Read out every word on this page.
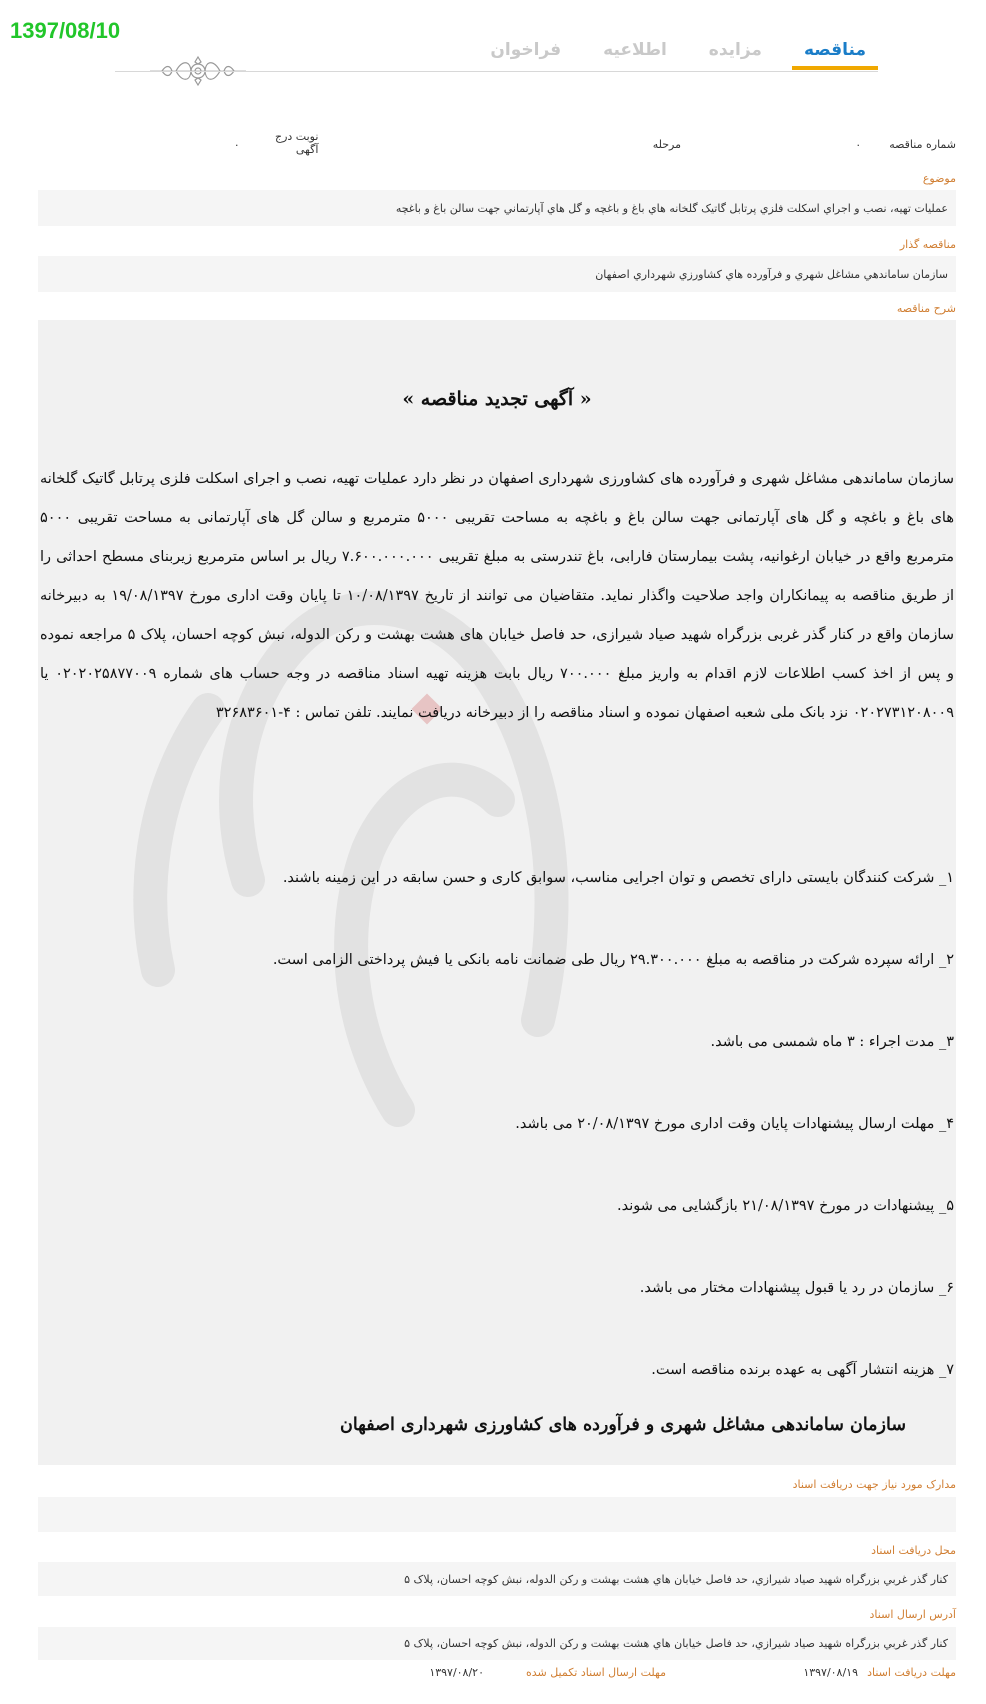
1397/08/10
مناقصه
مزایده
اطلاعیه
فراخوان
شماره مناقصه
.
مرحله
نوبت درج
آگهی
.
موضوع
عمليات تهيه، نصب و اجراي اسکلت فلزي پرتابل گاتيک گلخانه هاي باغ و باغچه و گل هاي آپارتماني جهت سالن باغ و باغچه
مناقصه گذار
سازمان ساماندهي مشاغل شهري و فرآورده هاي کشاورزي شهرداري اصفهان
شرح مناقصه
« آگهی تجدید مناقصه »
سازمان ساماندهی مشاغل شهری و فرآورده های کشاورزی شهرداری اصفهان در نظر دارد عملیات تهیه، نصب و اجرای اسکلت فلزی پرتابل گاتیک گلخانه های باغ و باغچه و گل های آپارتمانی جهت سالن باغ و باغچه به مساحت تقریبی ۵۰۰۰ مترمربع و سالن گل های آپارتمانی به مساحت تقریبی ۵۰۰۰ مترمربع واقع در خیابان ارغوانیه، پشت بیمارستان فارابی، باغ تندرستی به مبلغ تقریبی ۷.۶۰۰.۰۰۰.۰۰۰ ریال بر اساس مترمربع زیربنای مسطح احداثی را از طریق مناقصه به پیمانکاران واجد صلاحیت واگذار نماید. متقاضیان می توانند از تاریخ ۱۰/۰۸/۱۳۹۷ تا پایان وقت اداری مورخ ۱۹/۰۸/۱۳۹۷ به دبیرخانه سازمان واقع در کنار گذر غربی بزرگراه شهید صیاد شیرازی، حد فاصل خیابان های هشت بهشت و رکن الدوله، نبش کوچه احسان، پلاک ۵ مراجعه نموده و پس از اخذ کسب اطلاعات لازم اقدام به واریز مبلغ ۷۰۰.۰۰۰ ریال بابت هزینه تهیه اسناد مناقصه در وجه حساب های شماره ۰۲۰۲۰۲۵۸۷۷۰۰۹ یا ۰۲۰۲۷۳۱۲۰۸۰۰۹ نزد بانک ملی شعبه اصفهان نموده و اسناد مناقصه را از دبیرخانه دریافت نمایند. تلفن تماس : ۴-۳۲۶۸۳۶۰۱
۱_ شرکت کنندگان بایستی دارای تخصص و توان اجرایی مناسب، سوابق کاری و حسن سابقه در این زمینه باشند.
۲_ ارائه سپرده شرکت در مناقصه به مبلغ ۲۹.۳۰۰.۰۰۰ ریال طی ضمانت نامه بانکی یا فیش پرداختی الزامی است.
۳_ مدت اجراء : ۳ ماه شمسی می باشد.
۴_ مهلت ارسال پیشنهادات پایان وقت اداری مورخ ۲۰/۰۸/۱۳۹۷ می باشد.
۵_ پیشنهادات در مورخ ۲۱/۰۸/۱۳۹۷ بازگشایی می شوند.
۶_ سازمان در رد یا قبول پیشنهادات مختار می باشد.
۷_ هزینه انتشار آگهی به عهده برنده مناقصه است.
سازمان ساماندهی مشاغل شهری و فرآورده های کشاورزی شهرداری اصفهان
مدارک مورد نياز جهت دريافت اسناد
محل دريافت اسناد
کنار گذر غربي بزرگراه شهيد صياد شيرازي، حد فاصل خيابان هاي هشت بهشت و رکن الدوله، نبش کوچه احسان، پلاک ۵
آدرس ارسال اسناد
کنار گذر غربي بزرگراه شهيد صياد شيرازي، حد فاصل خيابان هاي هشت بهشت و رکن الدوله، نبش کوچه احسان، پلاک ۵
مهلت دريافت اسناد
۱۳۹۷/۰۸/۱۹
مهلت ارسال اسناد تکميل شده
۱۳۹۷/۰۸/۲۰
